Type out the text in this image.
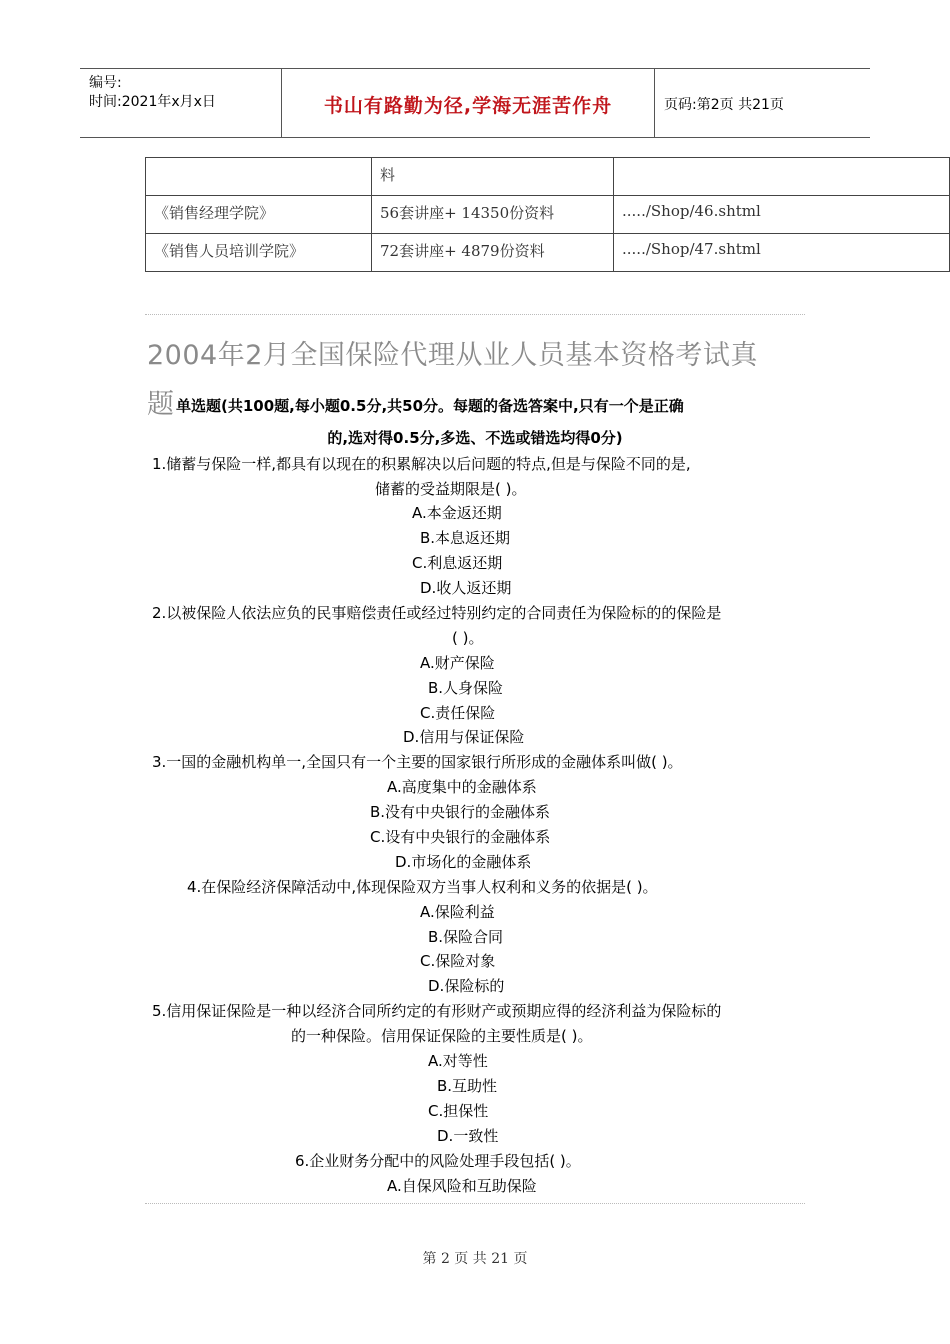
编号:
时间:2021年x月x日	书山有路勤为径,学海无涯苦作舟	页码:第2页 共21页
	料	
《销售经理学院》	56套讲座+ 14350份资料	...../Shop/46.shtml
《销售人员培训学院》	72套讲座+ 4879份资料	...../Shop/47.shtml
2004年2月全国保险代理从业人员基本资格考试真
题 单选题(共100题,每小题0.5分,共50分。每题的备选答案中,只有一个是正确
的,选对得0.5分,多选、不选或错选均得0分)
1.储蓄与保险一样,都具有以现在的积累解决以后问题的特点,但是与保险不同的是,
储蓄的受益期限是( )。
A.本金返还期
B.本息返还期
C.利息返还期
D.收人返还期
2.以被保险人依法应负的民事赔偿责任或经过特别约定的合同责任为保险标的的保险是
( )。
A.财产保险
B.人身保险
C.责任保险
D.信用与保证保险
3.一国的金融机构单一,全国只有一个主要的国家银行所形成的金融体系叫做( )。
A.高度集中的金融体系
B.没有中央银行的金融体系
C.设有中央银行的金融体系
D.市场化的金融体系
4.在保险经济保障活动中,体现保险双方当事人权利和义务的依据是( )。
A.保险利益
B.保险合同
C.保险对象
D.保险标的
5.信用保证保险是一种以经济合同所约定的有形财产或预期应得的经济利益为保险标的
的一种保险。信用保证保险的主要性质是( )。
A.对等性
B.互助性
C.担保性
D.一致性
6.企业财务分配中的风险处理手段包括( )。
A.自保风险和互助保险
第 2 页 共 21 页
